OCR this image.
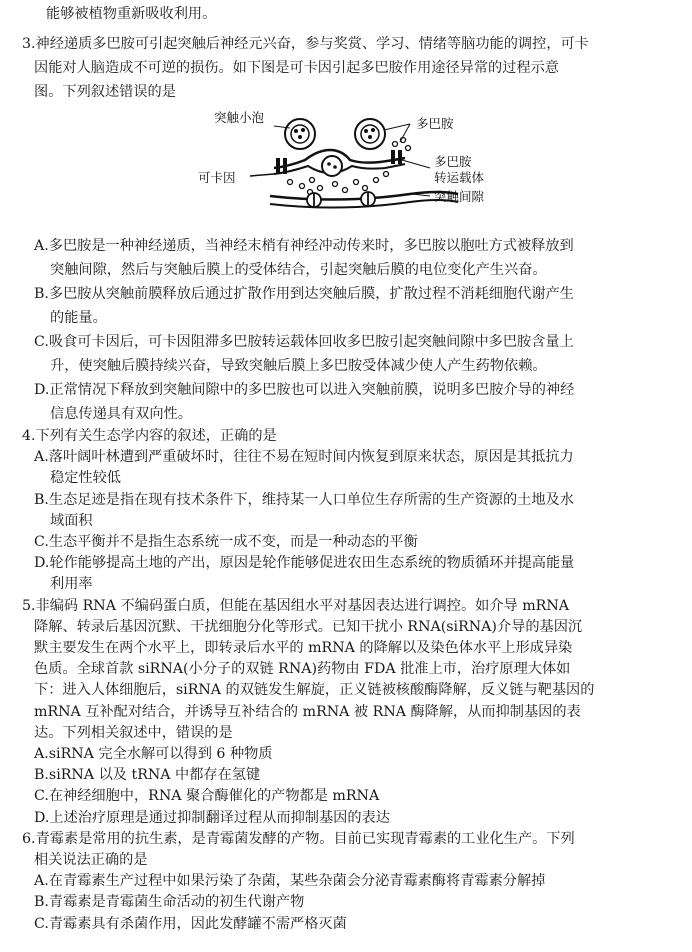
能够被植物重新吸收利用。
3.神经递质多巴胺可引起突触后神经元兴奋，参与奖赏、学习、情绪等脑功能的调控，可卡
因能对人脑造成不可逆的损伤。如下图是可卡因引起多巴胺作用途径异常的过程示意
图。下列叙述错误的是
突触小泡	多巴胺
可卡因
多巴胺
转运载体
突触间隙
A.多巴胺是一种神经递质，当神经末梢有神经冲动传来时，多巴胺以胞吐方式被释放到
突触间隙，然后与突触后膜上的受体结合，引起突触后膜的电位变化产生兴奋。
B.多巴胺从突触前膜释放后通过扩散作用到达突触后膜，扩散过程不消耗细胞代谢产生
的能量。
C.吸食可卡因后，可卡因阻滞多巴胺转运载体回收多巴胺引起突触间隙中多巴胺含量上
升，使突触后膜持续兴奋，导致突触后膜上多巴胺受体减少使人产生药物依赖。
D.正常情况下释放到突触间隙中的多巴胺也可以进入突触前膜，说明多巴胺介导的神经
信息传递具有双向性。
4.下列有关生态学内容的叙述，正确的是
A.落叶阔叶林遭到严重破坏时，往往不易在短时间内恢复到原来状态，原因是其抵抗力
稳定性较低
B.生态足迹是指在现有技术条件下，维持某一人口单位生存所需的生产资源的土地及水
域面积
C.生态平衡并不是指生态系统一成不变，而是一种动态的平衡
D.轮作能够提高土地的产出，原因是轮作能够促进农田生态系统的物质循环并提高能量
利用率
5.非编码 RNA 不编码蛋白质，但能在基因组水平对基因表达进行调控。如介导 mRNA
降解、转录后基因沉默、干扰细胞分化等形式。已知干扰小 RNA(siRNA)介导的基因沉
默主要发生在两个水平上，即转录后水平的 mRNA 的降解以及染色体水平上形成异染
色质。全球首款 siRNA(小分子的双链 RNA)药物由 FDA 批准上市，治疗原理大体如
下：进入人体细胞后，siRNA 的双链发生解旋，正义链被核酸酶降解，反义链与靶基因的
mRNA 互补配对结合，并诱导互补结合的 mRNA 被 RNA 酶降解，从而抑制基因的表
达。下列相关叙述中，错误的是
A.siRNA 完全水解可以得到 6 种物质
B.siRNA 以及 tRNA 中都存在氢键
C.在神经细胞中，RNA 聚合酶催化的产物都是 mRNA
D.上述治疗原理是通过抑制翻译过程从而抑制基因的表达
6.青霉素是常用的抗生素，是青霉菌发酵的产物。目前已实现青霉素的工业化生产。下列
相关说法正确的是
A.在青霉素生产过程中如果污染了杂菌，某些杂菌会分泌青霉素酶将青霉素分解掉
B.青霉素是青霉菌生命活动的初生代谢产物
C.青霉素具有杀菌作用，因此发酵罐不需严格灭菌
